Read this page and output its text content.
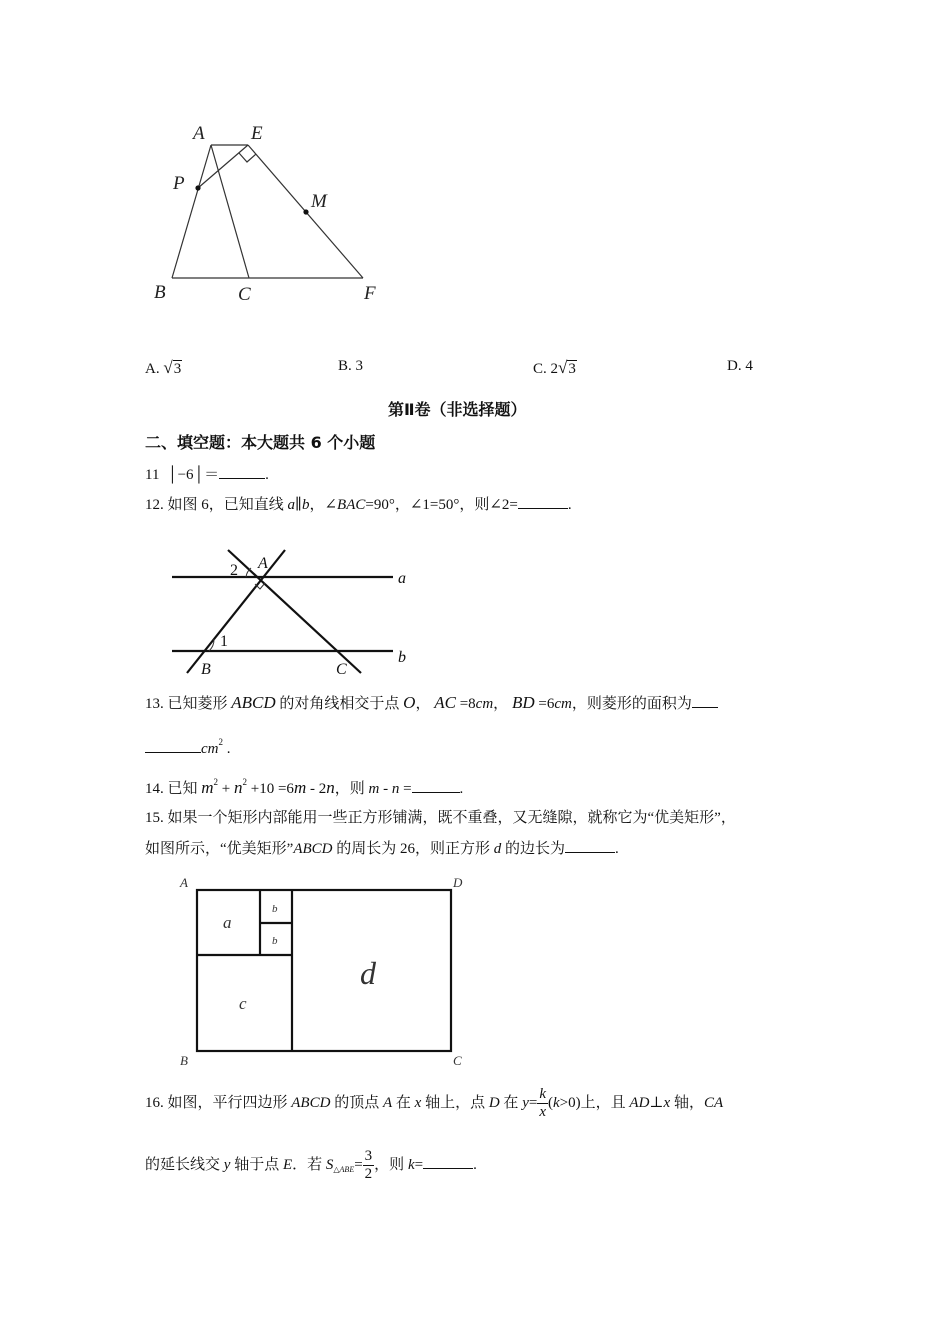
A E
P
M
B	C	F
A. √3	B. 3	C. 2√3	D. 4
第Ⅱ卷（非选择题）
二、填空题：本大题共 6 个小题
11 │−6│＝	.
12. 如图 6，已知直线 a∥b，∠BAC=90°，∠1=50°，则∠2=	.
2 A
a
1
B	C
b
13. 已知菱形 ABCD 的对角线相交于点 O， AC =8cm， BD =6cm，则菱形的面积为
$cm^2$ .
14. 已知 $m^2 + n^2 +10 =6m - 2n$，则 m - n =	.
15. 如果一个矩形内部能用一些正方形铺满，既不重叠，又无缝隙，就称它为“优美矩形”，
如图所示，“优美矩形”ABCD 的周长为 26，则正方形 d 的边长为	.
A	D
B	C
a
b
b
c
d
16. 如图，平行四边形 ABCD 的顶点 A 在 x 轴上，点 D 在 $y= \frac{k}{x} (k>0)$上，且 AD⊥x 轴，CA
的延长线交 y 轴于点 E．若 $S_{\triangle ABE}= \frac{3}{2}$ ，则 k=	.
